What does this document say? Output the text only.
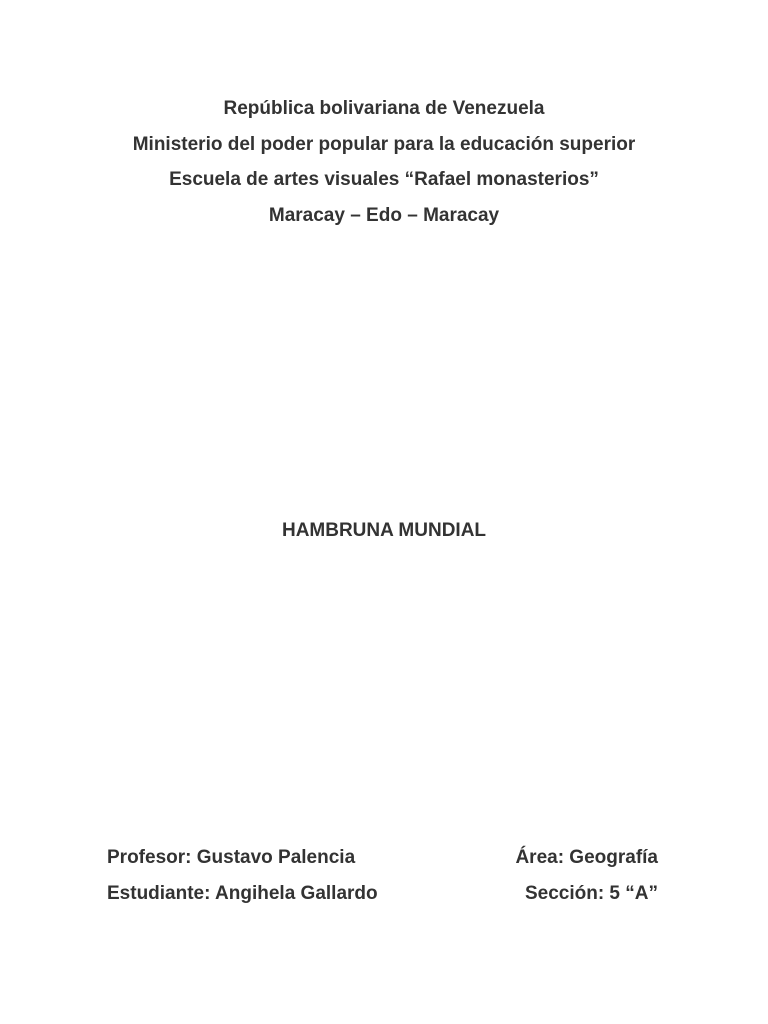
República bolivariana de Venezuela
Ministerio del poder popular para la educación superior
Escuela de artes visuales “Rafael monasterios”
Maracay – Edo – Maracay
HAMBRUNA MUNDIAL
Profesor: Gustavo Palencia
Estudiante: Angihela Gallardo
Área: Geografía
Sección: 5 “A”
